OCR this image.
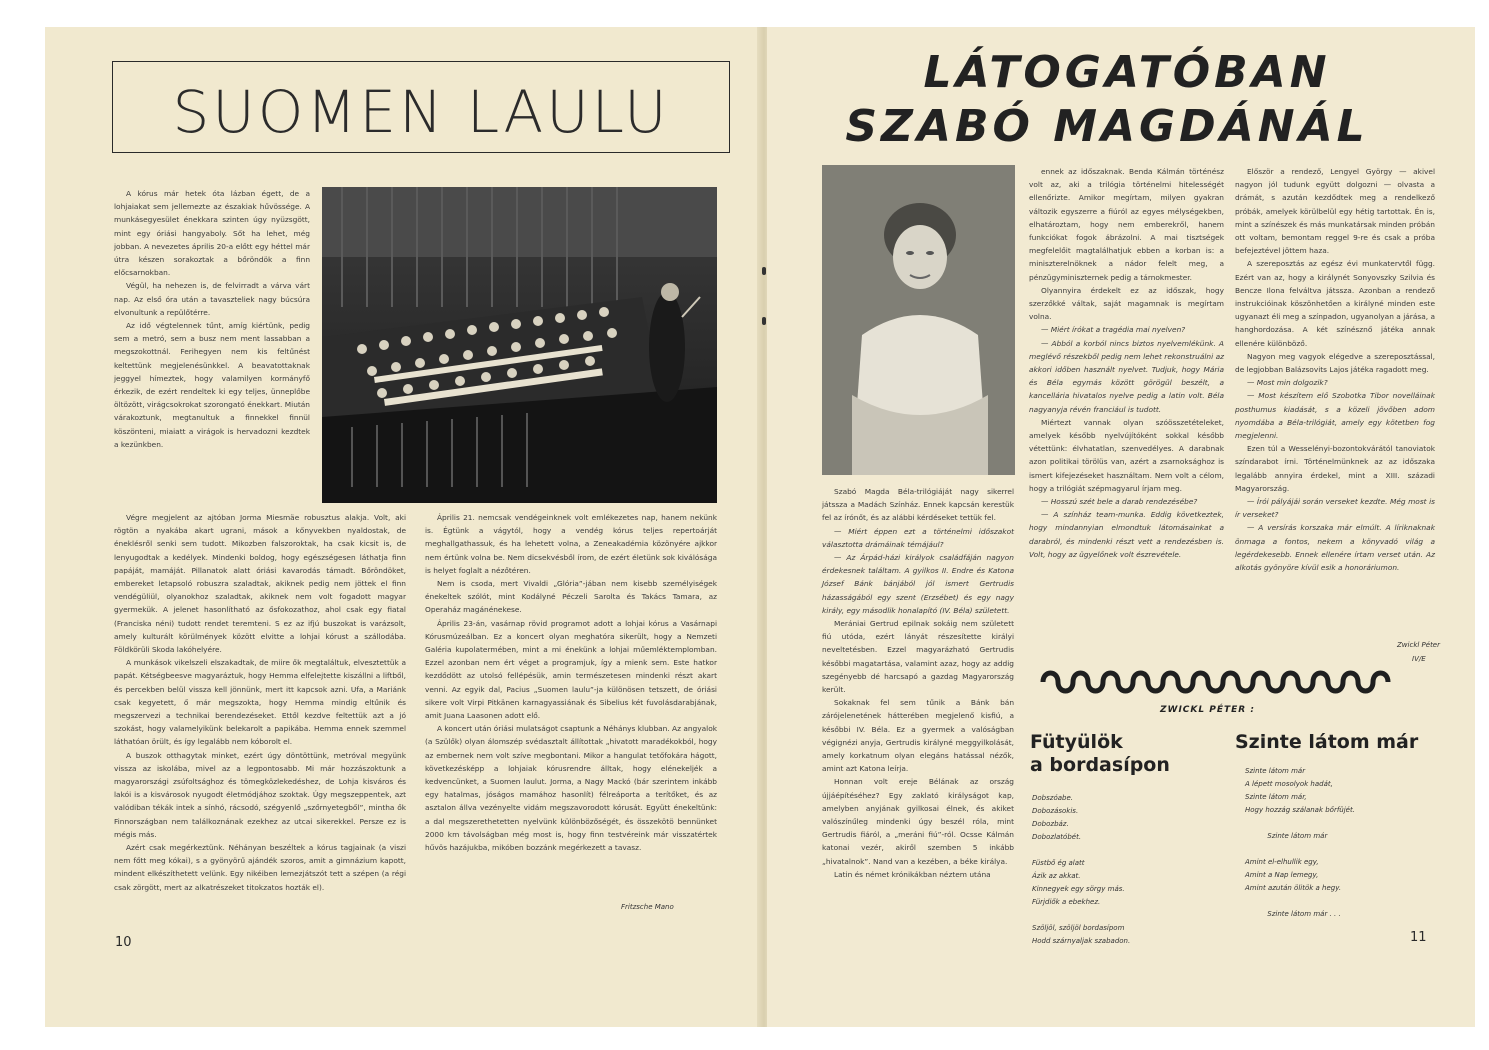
SUOMEN LAULU

A kórus már hetek óta lázban égett, de a lohjaiakat sem jellemezte az északiak hűvössége. A munkásegyesület énekkara szinten úgy nyüzsgött, mint egy óriási hangyaboly. Sőt ha lehet, még jobban. A nevezetes április 20-a előtt egy héttel már útra készen sorakoztak a bőröndök a finn előcsarnokban.

Végül, ha nehezen is, de felvirradt a várva várt nap. Az első óra után a tavaszteliek nagy búcsúra elvonultunk a repülőtérre.

Az idő végtelennek tűnt, amíg kiértünk, pedig sem a metró, sem a busz nem ment lassabban a megszokottnál. Ferihegyen nem kis feltűnést keltettünk megjelenésünkkel. A beavatottaknak jeggyel hímeztek, hogy valamilyen kormányfő érkezik, de ezért rendeltek ki egy teljes, ünneplőbe öltözött, virágcsokrokat szorongató énekkart. Miután várakoztunk, megtanultuk a finnekkel finnül köszönteni, miaiatt a virágok is hervadozni kezdtek a kezünkben.

Végre megjelent az ajtóban Jorma Miesmäe robusztus alakja. Volt, aki rögtön a nyakába akart ugrani, mások a kőnyvekben nyaldostak, de éneklésről senki sem tudott. Mikozben falszoroktak, ha csak kicsit is, de lenyugodtak a kedélyek. Mindenki boldog, hogy egészségesen láthatja finn papáját, mamáját. Pillanatok alatt óriási kavarodás támadt. Bőröndöket, embereket letapsoló robuszra szaladtak, akiknek pedig nem jöttek el finn vendégüliül, olyanokhoz szaladtak, akiknek nem volt fogadott magyar gyermekük. A jelenet hasonlítható az ősfokozathoz, ahol csak egy fiatal (Franciska néni) tudott rendet teremteni. S ez az ifjú buszokat is varázsolt, amely kulturált körülmények között elvitte a lohjai kórust a szállodába. Földkörüli Skoda lakóhelyére.

A munkások vikelszeli elszakadtak, de miire ők megtaláltuk, elvesztettük a papát. Kétségbeesve magyaráztuk, hogy Hemma elfelejtette kiszállni a liftből, és percekben belül vissza kell jönnünk, mert itt kapcsok azni. Ufa, a Mariánk csak kegyetett, ő már megszokta, hogy Hemma mindig eltűnik és megszervezi a technikai berendezéseket. Ettől kezdve feltettük azt a jó szokást, hogy valamelyikünk belekarolt a papikába. Hemma ennek szemmel láthatóan örült, és így legalább nem kóborolt el.

A buszok otthagytak minket, ezért úgy döntöttünk, metróval megyünk vissza az iskolába, mivel az a legpontosabb. Mi már hozzászoktunk a magyarországi zsúfoltsághoz és tömegközlekedéshez, de Lohja kisváros és lakói is a kisvárosok nyugodt életmódjához szoktak. Úgy megszeppentek, azt valódiban tékák intek a sínhó, rácsodó, szégyenlő „szőrnyetegből”, mintha ők Finnországban nem találkoznának ezekhez az utcai sikerekkel. Persze ez is mégis más.

Azért csak megérkeztünk. Néhányan beszéltek a kórus tagjainak (a viszi nem főtt meg kókai), s a gyönyörű ajándék szoros, amit a gimnázium kapott, mindent elkészíthetett velünk. Egy nikéiben lemezjátszót tett a szépen (a régi csak zörgött, mert az alkatrészeket titokzatos hozták el).

Április 21. nemcsak vendégeinknek volt emlékezetes nap, hanem nekünk is. Égtünk a vágytól, hogy a vendég kórus teljes repertoárját meghallgathassuk, és ha lehetett volna, a Zeneakadémia közönyére ajkkor nem értünk volna be. Nem dicsekvésből írom, de ezért életünk sok kiválósága is helyet foglalt a nézőtéren.

Nem is csoda, mert Vivaldi „Glória”-jában nem kisebb személyiségek énekeltek szólót, mint Kodályné Péczeli Sarolta és Takács Tamara, az Operaház magánénekese.

Április 23-án, vasárnap rövid programot adott a lohjai kórus a Vasárnapi Kórusmúzeálban. Ez a koncert olyan meghatóra sikerült, hogy a Nemzeti Galéria kupolatermében, mint a mi énekünk a lohjai műemléktemplomban. Ezzel azonban nem ért véget a programjuk, így a mienk sem. Este hatkor kezdődött az utolsó fellépésük, amin természetesen mindenki részt akart venni. Az egyik dal, Pacius „Suomen laulu”-ja különösen tetszett, de óriási sikere volt Virpi Pitkänen karnagyassiának és Sibelius két fuvolásdarabjának, amit Juana Laasonen adott elő.

A koncert után óriási mulatságot csaptunk a Néhánys klubban. Az angyalok (a Szülők) olyan álomszép svédasztalt állítottak „hivatott maradékokból, hogy az embernek nem volt szíve megbontani. Mikor a hangulat tetőfokára hágott, következésképp a lohjaiak kórusrendre álltak, hogy elénekeljék a kedvencünket, a Suomen laulut. Jorma, a Nagy Mackó (bár szerintem inkább egy hatalmas, jóságos mamához hasonlít) félreáporta a terítőket, és az asztalon állva vezényelte vidám megszavorodott kórusát. Együtt énekeltünk: a dal megszerethetetten nyelvünk különbözőségét, és összekötö bennünket 2000 km távolságban még most is, hogy finn testvéreink már visszatértek hűvös hazájukba, mikóben bozzánk megérkezett a tavasz.

Fritzsche Mano
10
LÁTOGATÓBAN
SZABÓ MAGDÁNÁL

Szabó Magda Béla-trilógiáját nagy sikerrel játssza a Madách Színház. Ennek kapcsán kerestük fel az írónőt, és az alábbi kérdéseket tettük fel.

— Miért éppen ezt a történelmi időszakot választotta drámáinak témájául?

— Az Árpád-házi királyok családfáján nagyon érdekesnek találtam. A gyilkos II. Endre és Katona József Bánk bánjából jól ismert Gertrudis házasságából egy szent (Erzsébet) és egy nagy király, egy másodlik honalapító (IV. Béla) született.

Merániai Gertrud epilnak sokáig nem született fiú utóda, ezért lányát részesítette királyi neveltetésben. Ezzel magyarázható Gertrudis későbbi magatartása, valamint azaz, hogy az addig szegényebb dé harcsapó a gazdag Magyarország került.

Sokaknak fel sem tűnik a Bánk bán zárójelenetének hátterében megjelenő kisfiú, a későbbi IV. Béla. Ez a gyermek a valóságban végignézi anyja, Gertrudis királyné meggyilkolását, amely korkatnum olyan elegáns hatással nézők, amint azt Katona leírja.

Honnan volt ereje Bélának az ország újjáépítéséhez? Egy zaklató királyságot kap, amelyben anyjának gyilkosai élnek, és akiket valószínűleg mindenki úgy beszél róla, mint Gertrudis fiáról, a „meráni fiú”-ról. Ocsse Kálmán katonai vezér, akiről szemben 5 inkább „hivatalnok”. Nand van a kezében, a béke királya.

Latin és német krónikákban néztem utána

ennek az időszaknak. Benda Kálmán történész volt az, aki a trilógia történelmi hitelességét ellenőrizte. Amikor megírtam, milyen gyakran változik egyszerre a fiúról az egyes mélységekben, elhatároztam, hogy nem emberekről, hanem funkciókat fogok ábrázolni. A mai tisztségek megfelelőit magtalálhatjuk ebben a korban is: a miniszterelnöknek a nádor felelt meg, a pénzügyminiszternek pedig a tárnokmester.

Olyannyira érdekelt ez az időszak, hogy szerzőkké váltak, saját magamnak is megírtam volna.

— Miért írókat a tragédia mai nyelven?

— Abból a korból nincs biztos nyelvemlékünk. A meglévő részekből pedig nem lehet rekonstruálni az akkori időben használt nyelvet. Tudjuk, hogy Mária és Béla egymás között görögül beszélt, a kancellária hivatalos nyelve pedig a latin volt. Béla nagyanyja révén franciául is tudott.

Miértezt vannak olyan szóösszetételeket, amelyek később nyelvújítóként sokkal később vétettünk: élvhatatlan, szenvedélyes. A darabnak azon politikai törölüs van, azért a zsarnoksághoz is ismert kifejezéseket használtam. Nem volt a célom, hogy a trilógiát szépmagyarul írjam meg.

— Hosszú szét bele a darab rendezésébe?

— A színház team-munka. Eddig következtek, hogy mindannyian elmondtuk látomásainkat a darabról, és mindenki részt vett a rendezésben is. Volt, hogy az ügyelőnek volt észrevétele.

Először a rendező, Lengyel György — akivel nagyon jól tudunk együtt dolgozni — olvasta a drámát, s azután kezdődtek meg a rendelkező próbák, amelyek körülbelül egy hétig tartottak. Én is, mint a színészek és más munkatársak minden próbán ott voltam, bemontam reggel 9-re és csak a próba befejeztével jöttem haza.

A szereposztás az egész évi munkatervtől függ. Ezért van az, hogy a királynét Sonyovszky Szilvia és Bencze Ilona felváltva játssza. Azonban a rendező instrukcióinak köszönhetően a királyné minden este ugyanazt éli meg a színpadon, ugyanolyan a járása, a hanghordozása. A két színésznő játéka annak ellenére különböző.

Nagyon meg vagyok elégedve a szereposztással, de legjobban Balázsovits Lajos játéka ragadott meg.

— Most min dolgozik?

— Most készítem elő Szobotka Tibor novelláinak posthumus kiadását, s a közeli jövőben adom nyomdába a Béla-trilógiát, amely egy kötetben fog megjelenni.

Ezen túl a Wesselényi-bozontokvárától tanoviatok színdarabot írni. Történelmünknek az az időszaka legalább annyira érdekel, mint a XIII. századi Magyarország.

— Írói pályájái során verseket kezdte. Még most is ír verseket?

— A versírás korszaka már elmúlt. A líriknaknak önmaga a fontos, nekem a könyvadó világ a legérdekesebb. Ennek ellenére írtam verset után. Az alkotás gyönyöre kívül esik a honoráriumon.

Zwickl Péter
IV/E
ZWICKL PÉTER :
Fütyülök
a bordasípon
Dobszóabe.
Dobozásokis.
Dobozbáz.
Dobozlatóbét.

Füstbő ég alatt
Ázik az akkat.
Kinnegyek egy sörgy más.
Fürjdiők a ebekhez.

Szöljöl, szöljöl bordasípom
Hodd szárnyaljak szabadon.
Szinte látom már
Szinte látom már
A lépett mosolyok hadát,
Szinte látom már,
Hogy hozzág szálanak bőrfüjét.

Szinte látom már

Amint el-elhullik egy,
Amint a Nap lemegy,
Amint azután ölitök a hegy.

Szinte látom már . . .
11
